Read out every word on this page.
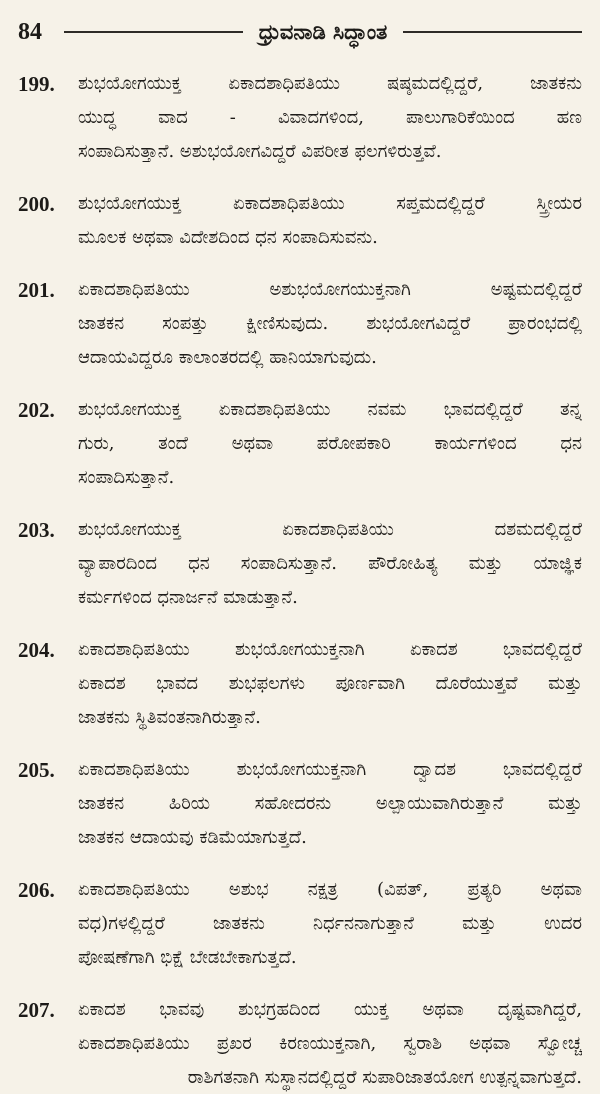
84	ಧ್ರುವನಾಡಿ ಸಿದ್ಧಾಂತ
199.	ಶುಭಯೋಗಯುಕ್ತ ಏಕಾದಶಾಧಿಪತಿಯು ಷಷ್ಠಮದಲ್ಲಿದ್ದರೆ, ಜಾತಕನು
ಯುದ್ಧ ವಾದ - ವಿವಾದಗಳಿಂದ, ಪಾಲುಗಾರಿಕೆಯಿಂದ ಹಣ
ಸಂಪಾದಿಸುತ್ತಾನೆ. ಅಶುಭಯೋಗವಿದ್ದರೆ ವಿಪರೀತ ಫಲಗಳಿರುತ್ತವೆ.
200.	ಶುಭಯೋಗಯುಕ್ತ ಏಕಾದಶಾಧಿಪತಿಯು ಸಪ್ತಮದಲ್ಲಿದ್ದರೆ ಸ್ತ್ರೀಯರ
ಮೂಲಕ ಅಥವಾ ವಿದೇಶದಿಂದ ಧನ ಸಂಪಾದಿಸುವನು.
201.	ಏಕಾದಶಾಧಿಪತಿಯು ಅಶುಭಯೋಗಯುಕ್ತನಾಗಿ ಅಷ್ಟಮದಲ್ಲಿದ್ದರೆ
ಜಾತಕನ ಸಂಪತ್ತು ಕ್ಷೀಣಿಸುವುದು. ಶುಭಯೋಗವಿದ್ದರೆ ಪ್ರಾರಂಭದಲ್ಲಿ
ಆದಾಯವಿದ್ದರೂ ಕಾಲಾಂತರದಲ್ಲಿ ಹಾನಿಯಾಗುವುದು.
202.	ಶುಭಯೋಗಯುಕ್ತ ಏಕಾದಶಾಧಿಪತಿಯು ನವಮ ಭಾವದಲ್ಲಿದ್ದರೆ ತನ್ನ
ಗುರು, ತಂದೆ ಅಥವಾ ಪರೋಪಕಾರಿ ಕಾರ್ಯಗಳಿಂದ ಧನ
ಸಂಪಾದಿಸುತ್ತಾನೆ.
203.	ಶುಭಯೋಗಯುಕ್ತ ಏಕಾದಶಾಧಿಪತಿಯು ದಶಮದಲ್ಲಿದ್ದರೆ
ವ್ಯಾಪಾರದಿಂದ ಧನ ಸಂಪಾದಿಸುತ್ತಾನೆ. ಪೌರೋಹಿತ್ಯ ಮತ್ತು ಯಾಜ್ಞಿಕ
ಕರ್ಮಗಳಿಂದ ಧನಾರ್ಜನೆ ಮಾಡುತ್ತಾನೆ.
204.	ಏಕಾದಶಾಧಿಪತಿಯು ಶುಭಯೋಗಯುಕ್ತನಾಗಿ ಏಕಾದಶ ಭಾವದಲ್ಲಿದ್ದರೆ
ಏಕಾದಶ ಭಾವದ ಶುಭಫಲಗಳು ಪೂರ್ಣವಾಗಿ ದೊರೆಯುತ್ತವೆ ಮತ್ತು
ಜಾತಕನು ಸ್ಥಿತಿವಂತನಾಗಿರುತ್ತಾನೆ.
205.	ಏಕಾದಶಾಧಿಪತಿಯು ಶುಭಯೋಗಯುಕ್ತನಾಗಿ ದ್ವಾದಶ ಭಾವದಲ್ಲಿದ್ದರೆ
ಜಾತಕನ ಹಿರಿಯ ಸಹೋದರನು ಅಲ್ಪಾಯುವಾಗಿರುತ್ತಾನೆ ಮತ್ತು
ಜಾತಕನ ಆದಾಯವು ಕಡಿಮೆಯಾಗುತ್ತದೆ.
206.	ಏಕಾದಶಾಧಿಪತಿಯು ಅಶುಭ ನಕ್ಷತ್ರ (ವಿಪತ್, ಪ್ರತ್ಯರಿ ಅಥವಾ
ವಧ)ಗಳಲ್ಲಿದ್ದರೆ ಜಾತಕನು ನಿರ್ಧನನಾಗುತ್ತಾನೆ ಮತ್ತು ಉದರ
ಪೋಷಣೆಗಾಗಿ ಭಿಕ್ಷೆ ಬೇಡಬೇಕಾಗುತ್ತದೆ.
207.	ಏಕಾದಶ ಭಾವವು ಶುಭಗ್ರಹದಿಂದ ಯುಕ್ತ ಅಥವಾ ದೃಷ್ಟವಾಗಿದ್ದರೆ,
ಏಕಾದಶಾಧಿಪತಿಯು ಪ್ರಖರ ಕಿರಣಯುಕ್ತನಾಗಿ, ಸ್ವರಾಶಿ ಅಥವಾ ಸ್ವೋಚ್ಚ
ರಾಶಿಗತನಾಗಿ ಸುಸ್ಥಾನದಲ್ಲಿದ್ದರೆ ಸುಪಾರಿಜಾತಯೋಗ ಉತ್ಪನ್ನವಾಗುತ್ತದೆ.
